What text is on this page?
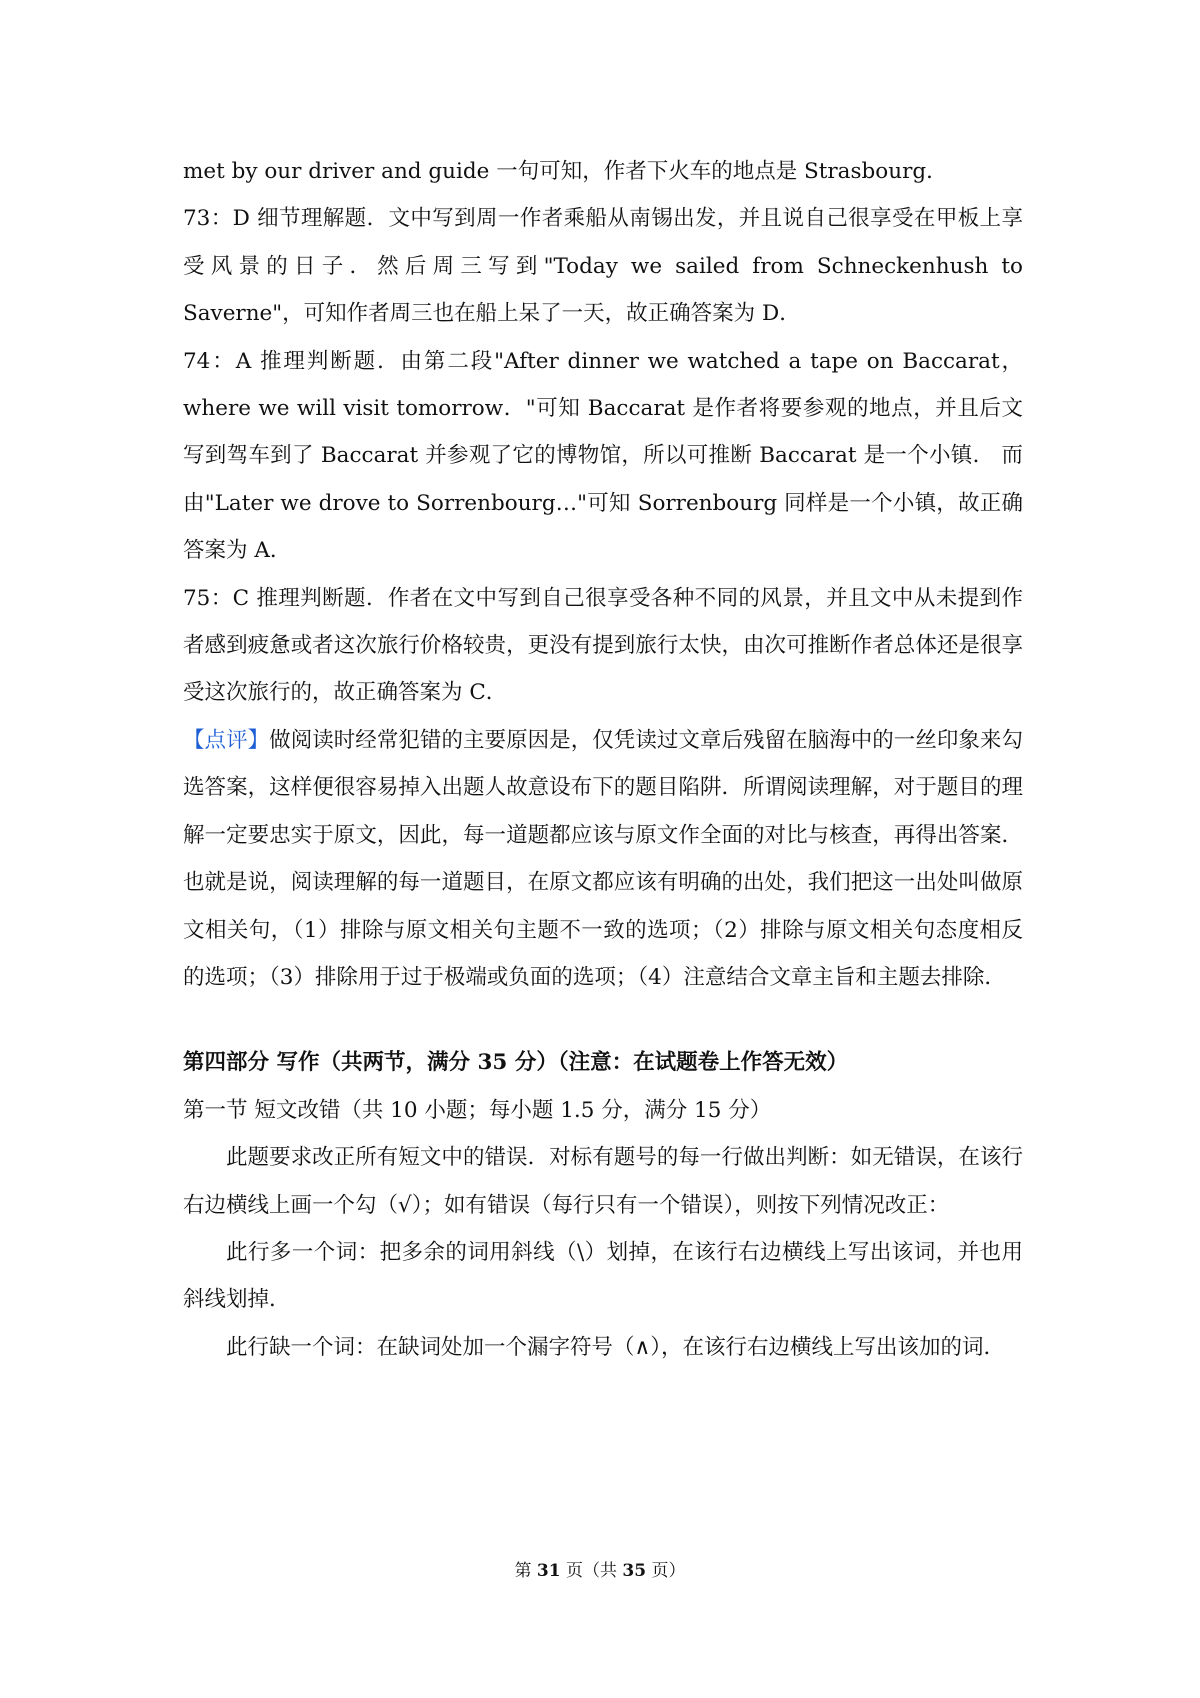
met by our driver and guide 一句可知，作者下火车的地点是 Strasbourg．

73：D 细节理解题．文中写到周一作者乘船从南锡出发，并且说自己很享受在甲板上享受风景的日子．然后周三写到"Today we sailed from Schneckenhush to Saverne"，可知作者周三也在船上呆了一天，故正确答案为 D．

74：A 推理判断题．由第二段"After dinner we watched a tape on Baccarat，where we will visit tomorrow．"可知 Baccarat 是作者将要参观的地点，并且后文写到驾车到了 Baccarat 并参观了它的博物馆，所以可推断 Baccarat 是一个小镇． 而由"Later we drove to Sorrenbourg…"可知 Sorrenbourg 同样是一个小镇，故正确答案为 A．

75：C 推理判断题．作者在文中写到自己很享受各种不同的风景，并且文中从未提到作者感到疲惫或者这次旅行价格较贵，更没有提到旅行太快，由次可推断作者总体还是很享受这次旅行的，故正确答案为 C．

【点评】做阅读时经常犯错的主要原因是，仅凭读过文章后残留在脑海中的一丝印象来勾选答案，这样便很容易掉入出题人故意设布下的题目陷阱．所谓阅读理解，对于题目的理解一定要忠实于原文，因此，每一道题都应该与原文作全面的对比与核查，再得出答案．也就是说，阅读理解的每一道题目，在原文都应该有明确的出处，我们把这一出处叫做原文相关句，（1）排除与原文相关句主题不一致的选项；（2）排除与原文相关句态度相反的选项；（3）排除用于过于极端或负面的选项；（4）注意结合文章主旨和主题去排除．

第四部分 写作（共两节，满分 35 分）（注意：在试题卷上作答无效）

第一节 短文改错（共 10 小题；每小题 1.5 分，满分 15 分）

此题要求改正所有短文中的错误．对标有题号的每一行做出判断：如无错误，在该行右边横线上画一个勾（√）；如有错误（每行只有一个错误），则按下列情况改正：

此行多一个词：把多余的词用斜线（\）划掉，在该行右边横线上写出该词，并也用斜线划掉．

此行缺一个词：在缺词处加一个漏字符号（∧），在该行右边横线上写出该加的词．

第 31 页（共 35 页）
